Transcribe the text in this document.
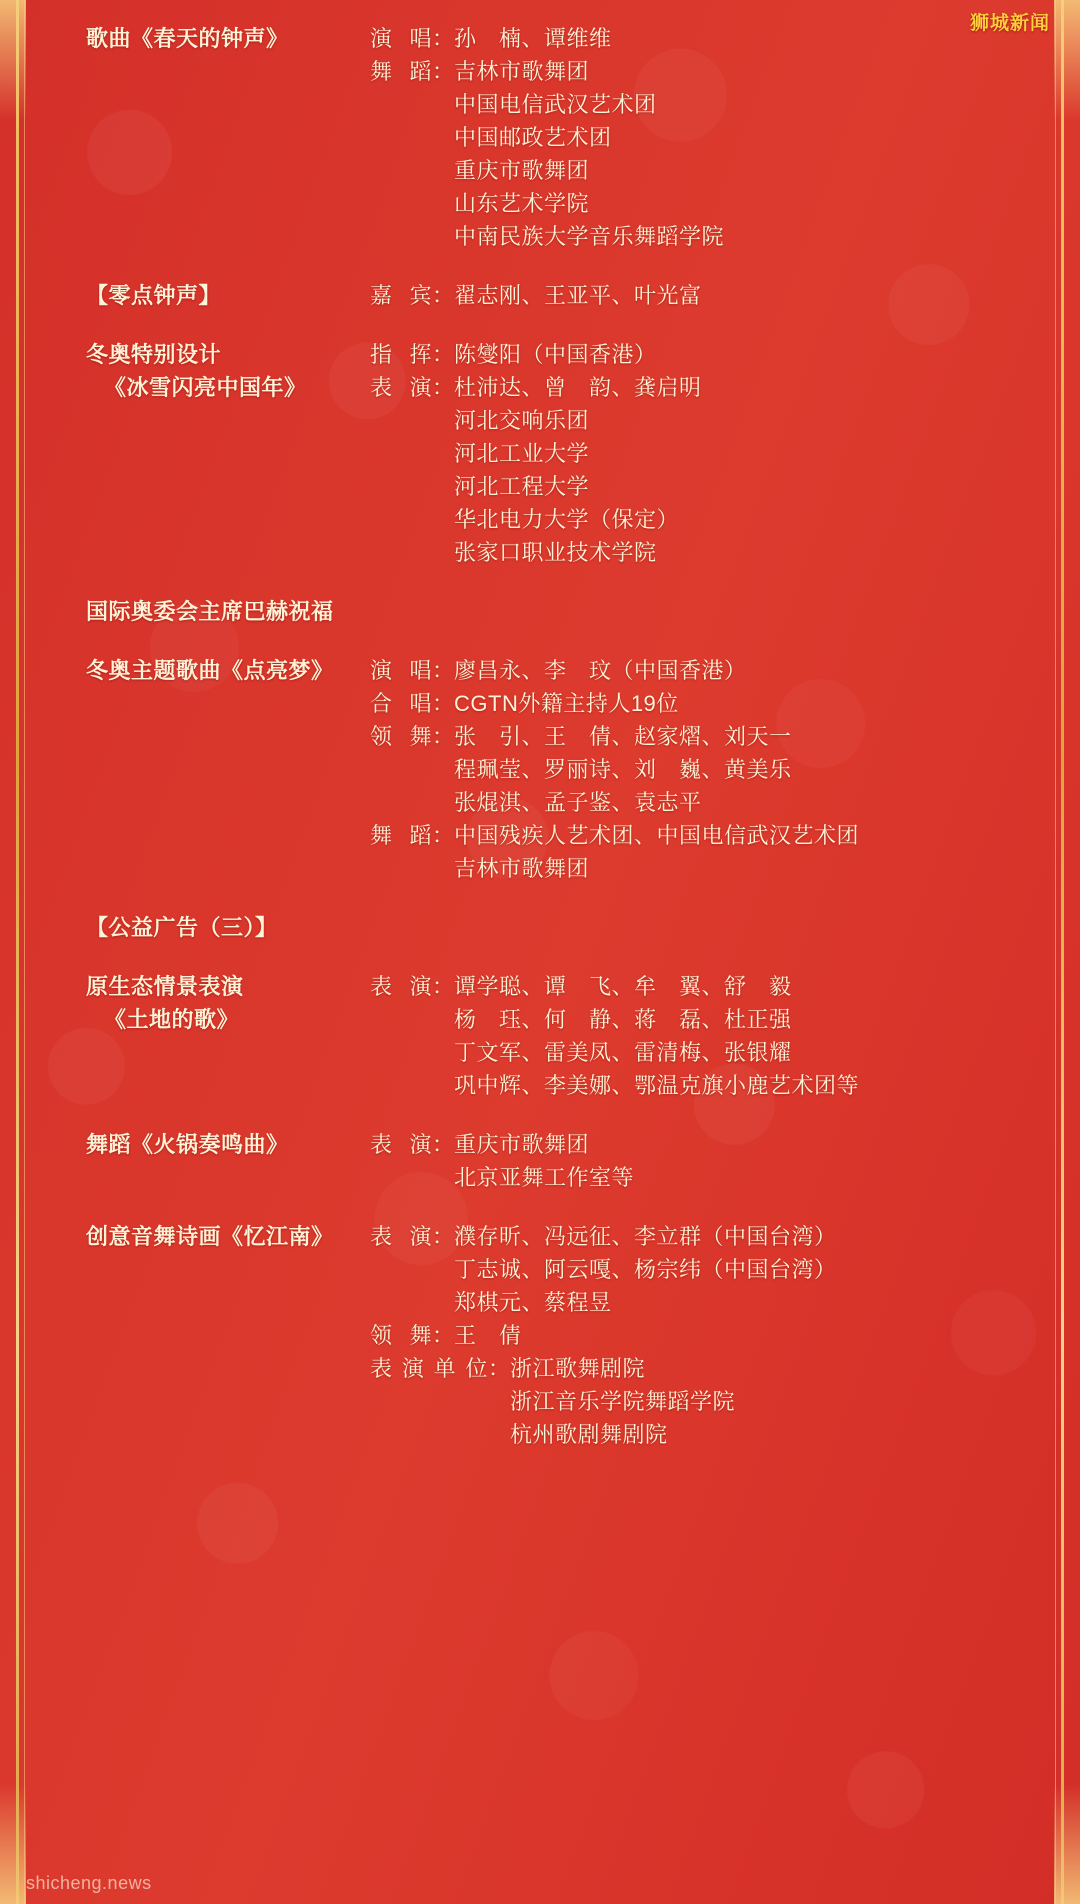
狮城新闻
歌曲《春天的钟声》	演唱 ： 孙　楠、谭维维
舞蹈 ： 吉林市歌舞团
中国电信武汉艺术团
中国邮政艺术团
重庆市歌舞团
山东艺术学院
中南民族大学音乐舞蹈学院
【零点钟声】	嘉宾 ： 翟志刚、王亚平、叶光富
冬奥特别设计
《冰雪闪亮中国年》
指挥 ： 陈燮阳（中国香港）
表演 ： 杜沛达、曾　韵、龚启明
河北交响乐团
河北工业大学
河北工程大学
华北电力大学（保定）
张家口职业技术学院
国际奥委会主席巴赫祝福
冬奥主题歌曲《点亮梦》	演唱 ： 廖昌永、李　玟（中国香港）
合唱 ： CGTN外籍主持人19位
领舞 ： 张　引、王　倩、赵家熠、刘天一
程珮莹、罗丽诗、刘　巍、黄美乐
张焜淇、孟子鉴、袁志平
舞蹈 ： 中国残疾人艺术团、中国电信武汉艺术团
吉林市歌舞团
【公益广告（三）】
原生态情景表演
《土地的歌》
表演 ： 谭学聪、谭　飞、牟　翼、舒　毅
杨　珏、何　静、蒋　磊、杜正强
丁文军、雷美凤、雷清梅、张银耀
巩中辉、李美娜、鄂温克旗小鹿艺术团等
舞蹈《火锅奏鸣曲》	表演 ： 重庆市歌舞团
北京亚舞工作室等
创意音舞诗画《忆江南》	表演 ： 濮存昕、冯远征、李立群（中国台湾）
丁志诚、阿云嘎、杨宗纬（中国台湾）
郑棋元、蔡程昱
领舞 ： 王　倩
表演单位 ： 浙江歌舞剧院
浙江音乐学院舞蹈学院
杭州歌剧舞剧院
shicheng.news
